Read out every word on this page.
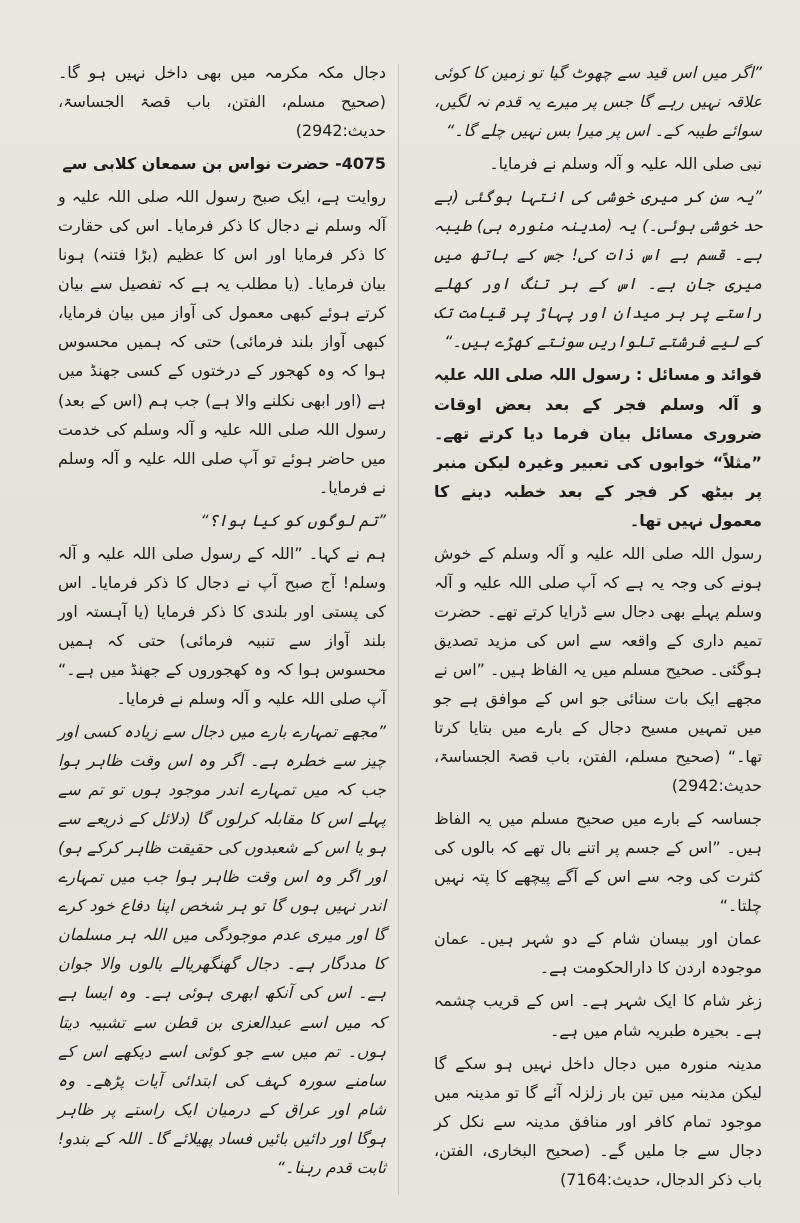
”اگر میں اس قید سے چھوٹ گیا تو زمین کا کوئی علاقہ نہیں رہے گا جس پر میرے یہ قدم نہ لگیں، سوائے طیبہ کے۔ اس پر میرا بس نہیں چلے گا۔“

نبی صلی اللہ علیہ و آلہ وسلم نے فرمایا۔

”یہ سن کر میری خوشی کی انتہا ہوگئی (بے حد خوشی ہوئی۔) یہ (مدینہ منورہ ہی) طیبہ ہے۔ قسم ہے اس ذات کی! جس کے ہاتھ میں میری جان ہے۔ اس کے ہر تنگ اور کھلے راستے پر ہر میدان اور پہاڑ پر قیامت تک کے لیے فرشتے تلواریں سونتے کھڑے ہیں۔“

فوائد و مسائل : رسول اللہ صلی اللہ علیہ و آلہ وسلم فجر کے بعد بعض اوقات ضروری مسائل بیان فرما دیا کرتے تھے۔ ”مثلاً“ خوابوں کی تعبیر وغیرہ لیکن منبر پر بیٹھ کر فجر کے بعد خطبہ دینے کا معمول نہیں تھا۔

رسول اللہ صلی اللہ علیہ و آلہ وسلم کے خوش ہونے کی وجہ یہ ہے کہ آپ صلی اللہ علیہ و آلہ وسلم پہلے بھی دجال سے ڈرایا کرتے تھے۔ حضرت تمیم داری کے واقعہ سے اس کی مزید تصدیق ہوگئی۔ صحیح مسلم میں یہ الفاظ ہیں۔ ”اس نے مجھے ایک بات سنائی جو اس کے موافق ہے جو میں تمہیں مسیح دجال کے بارے میں بتایا کرتا تھا۔“ (صحیح مسلم، الفتن، باب قصۃ الجساسۃ، حدیث:2942)

جساسہ کے بارے میں صحیح مسلم میں یہ الفاظ ہیں۔ ”اس کے جسم پر اتنے بال تھے کہ بالوں کی کثرت کی وجہ سے اس کے آگے پیچھے کا پتہ نہیں چلتا۔“

عمان اور بیسان شام کے دو شہر ہیں۔ عمان موجودہ اردن کا دارالحکومت ہے۔

زغر شام کا ایک شہر ہے۔ اس کے قریب چشمہ ہے۔ بحیرہ طبریہ شام میں ہے۔

مدینہ منورہ میں دجال داخل نہیں ہو سکے گا لیکن مدینہ میں تین بار زلزلہ آئے گا تو مدینہ میں موجود تمام کافر اور منافق مدینہ سے نکل کر دجال سے جا ملیں گے۔ (صحیح البخاری، الفتن، باب ذکر الدجال، حدیث:7164)

دجال مکہ مکرمہ میں بھی داخل نہیں ہو گا۔ (صحیح مسلم، الفتن، باب قصۃ الجساسۃ، حدیث:2942)

4075- حضرت نواس بن سمعان کلابی سے

روایت ہے، ایک صبح رسول اللہ صلی اللہ علیہ و آلہ وسلم نے دجال کا ذکر فرمایا۔ اس کی حقارت کا ذکر فرمایا اور اس کا عظیم (بڑا فتنہ) ہونا بیان فرمایا۔ (یا مطلب یہ ہے کہ تفصیل سے بیان کرتے ہوئے کبھی معمول کی آواز میں بیان فرمایا، کبھی آواز بلند فرمائی) حتی کہ ہمیں محسوس ہوا کہ وہ کھجور کے درختوں کے کسی جھنڈ میں ہے (اور ابھی نکلنے والا ہے) جب ہم (اس کے بعد) رسول اللہ صلی اللہ علیہ و آلہ وسلم کی خدمت میں حاضر ہوئے تو آپ صلی اللہ علیہ و آلہ وسلم نے فرمایا۔

”تم لوگوں کو کیا ہوا؟“

ہم نے کہا۔ ”اللہ کے رسول صلی اللہ علیہ و آلہ وسلم! آج صبح آپ نے دجال کا ذکر فرمایا۔ اس کی پستی اور بلندی کا ذکر فرمایا (یا آہستہ اور بلند آواز سے تنبیہ فرمائی) حتی کہ ہمیں محسوس ہوا کہ وہ کھجوروں کے جھنڈ میں ہے۔“ آپ صلی اللہ علیہ و آلہ وسلم نے فرمایا۔

”مجھے تمہارے بارے میں دجال سے زیادہ کسی اور چیز سے خطرہ ہے۔ اگر وہ اس وقت ظاہر ہوا جب کہ میں تمہارے اندر موجود ہوں تو تم سے پہلے اس کا مقابلہ کرلوں گا (دلائل کے ذریعے سے ہو یا اس کے شعبدوں کی حقیقت ظاہر کرکے ہو) اور اگر وہ اس وقت ظاہر ہوا جب میں تمہارے اندر نہیں ہوں گا تو ہر شخص اپنا دفاع خود کرے گا اور میری عدم موجودگی میں اللہ ہر مسلمان کا مددگار ہے۔ دجال گھنگھریالے بالوں والا جوان ہے۔ اس کی آنکھ ابھری ہوئی ہے۔ وہ ایسا ہے کہ میں اسے عبدالعزی بن قطن سے تشبیہ دیتا ہوں۔ تم میں سے جو کوئی اسے دیکھے اس کے سامنے سورہ کہف کی ابتدائی آیات پڑھے۔ وہ شام اور عراق کے درمیان ایک راستے پر ظاہر ہوگا اور دائیں بائیں فساد پھیلائے گا۔ اللہ کے بندو! ثابت قدم رہنا۔“
